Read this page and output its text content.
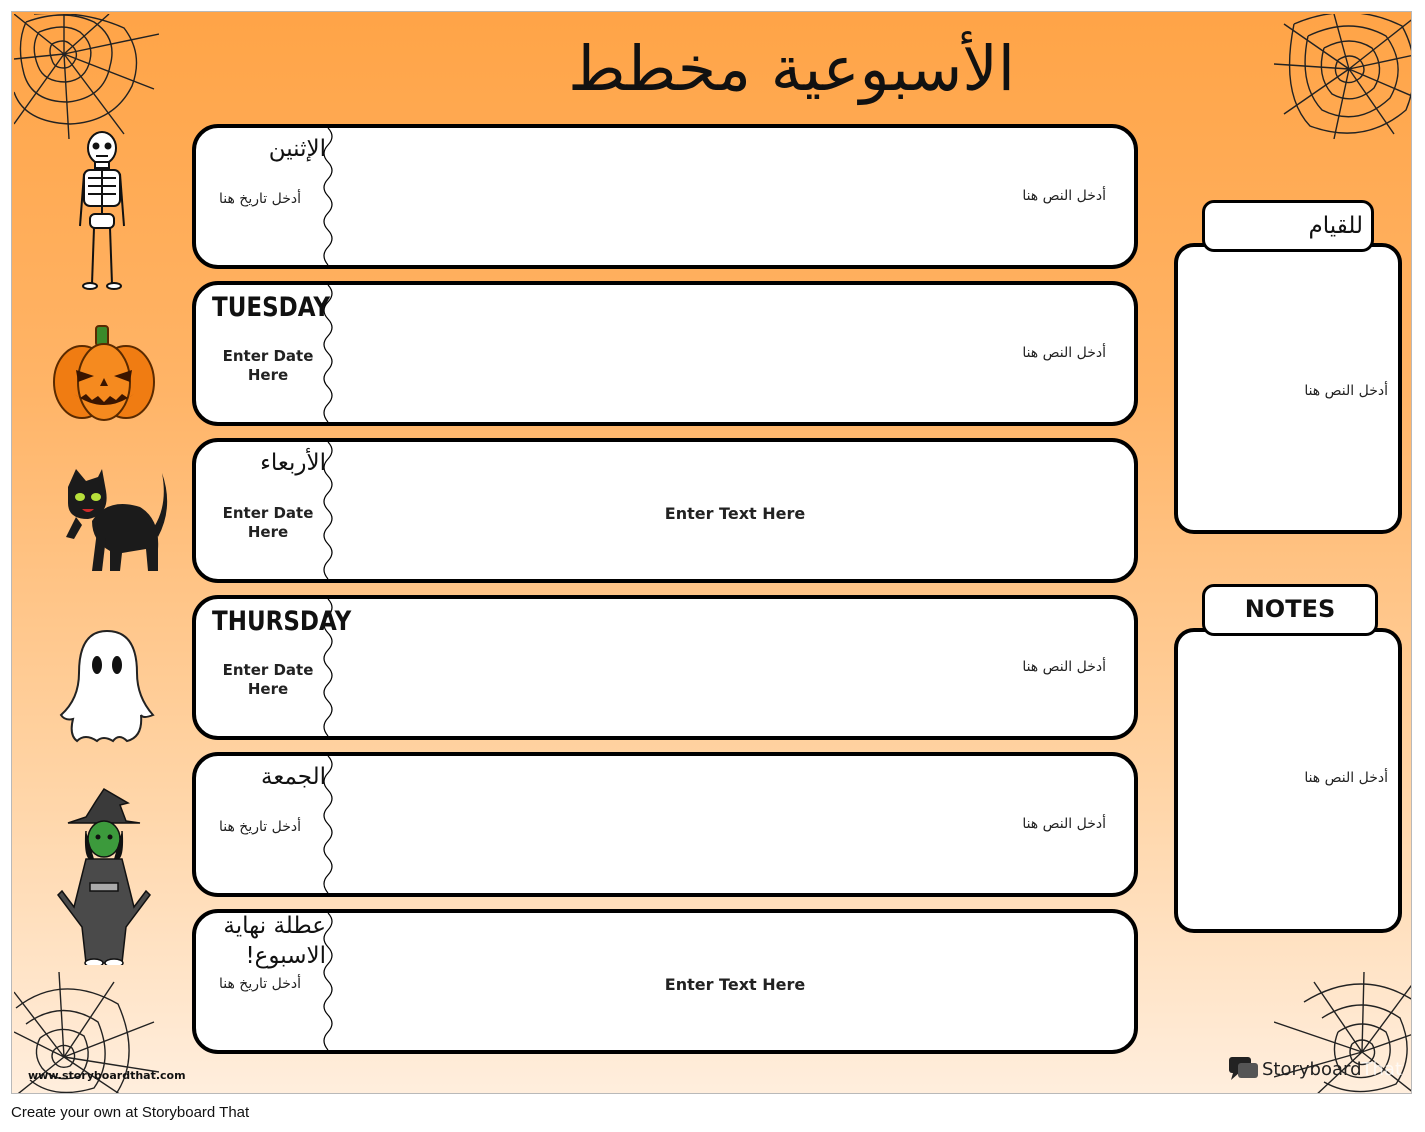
الأسبوعية مخطط
الإثنين
أدخل تاريخ هنا	أدخل النص هنا
TUESDAY
Enter Date Here
أدخل النص هنا
الأربعاء
Enter Date Here
Enter Text Here
THURSDAY
Enter Date Here
أدخل النص هنا
الجمعة
أدخل تاريخ هنا	أدخل النص هنا
عطلة نهاية الاسبوع!
أدخل تاريخ هنا	Enter Text Here
أدخل النص هنا
للقيام
أدخل النص هنا
NOTES
www.storyboardthat.com	StoryboardThat
Create your own at Storyboard That
